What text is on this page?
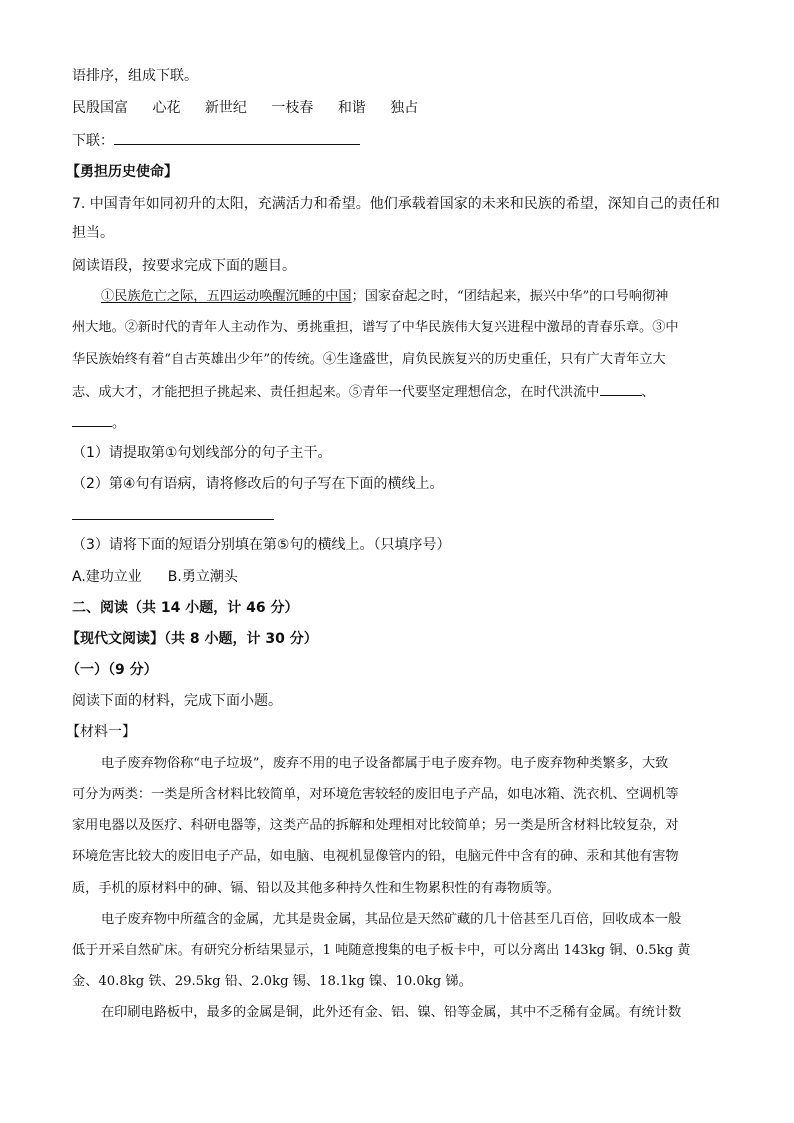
语排序，组成下联。
民殷国富 心花 新世纪 一枝春 和谐 独占
下联：
【勇担历史使命】
7. 中国青年如同初升的太阳，充满活力和希望。他们承载着国家的未来和民族的希望，深知自己的责任和
担当。
阅读语段，按要求完成下面的题目。
①民族危亡之际，五四运动唤醒沉睡的中国；国家奋起之时，“团结起来，振兴中华”的口号响彻神
州大地。②新时代的青年人主动作为、勇挑重担，谱写了中华民族伟大复兴进程中激昂的青春乐章。③中
华民族始终有着“自古英雄出少年”的传统。④生逢盛世，肩负民族复兴的历史重任，只有广大青年立大
志、成大才，才能把担子挑起来、责任担起来。⑤青年一代要坚定理想信念，在时代洪流中	、
。
（1）请提取第①句划线部分的句子主干。
（2）第④句有语病，请将修改后的句子写在下面的横线上。
（3）请将下面的短语分别填在第⑤句的横线上。（只填序号）
A.建功立业 B.勇立潮头
二、阅读（共 14 小题，计 46 分）
【现代文阅读】（共 8 小题，计 30 分）
（一）（9 分）
阅读下面的材料，完成下面小题。
【材料一】
电子废弃物俗称“电子垃圾”，废弃不用的电子设备都属于电子废弃物。电子废弃物种类繁多，大致
可分为两类：一类是所含材料比较简单，对环境危害较轻的废旧电子产品，如电冰箱、洗衣机、空调机等
家用电器以及医疗、科研电器等，这类产品的拆解和处理相对比较简单；另一类是所含材料比较复杂，对
环境危害比较大的废旧电子产品，如电脑、电视机显像管内的铅，电脑元件中含有的砷、汞和其他有害物
质，手机的原材料中的砷、镉、铅以及其他多种持久性和生物累积性的有毒物质等。
电子废弃物中所蕴含的金属，尤其是贵金属，其品位是天然矿藏的几十倍甚至几百倍，回收成本一般
低于开采自然矿床。有研究分析结果显示，1 吨随意搜集的电子板卡中，可以分离出 143kg 铜、0.5kg 黄
金、40.8kg 铁、29.5kg 铅、2.0kg 锡、18.1kg 镍、10.0kg 锑。
在印刷电路板中，最多的金属是铜，此外还有金、铝、镍、铅等金属，其中不乏稀有金属。有统计数
